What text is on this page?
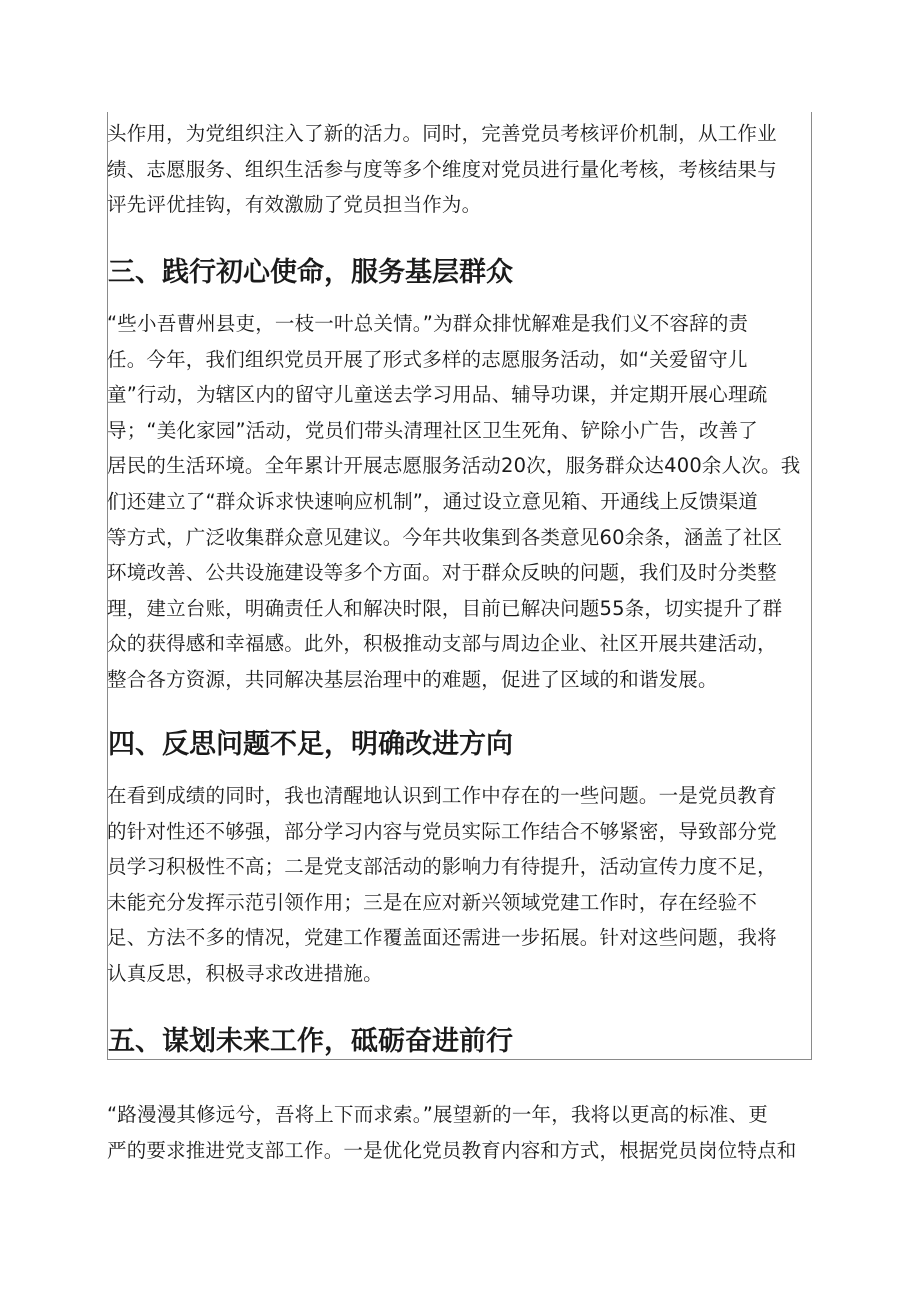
头作用，为党组织注入了新的活力。同时，完善党员考核评价机制，从工作业
绩、志愿服务、组织生活参与度等多个维度对党员进行量化考核，考核结果与
评先评优挂钩，有效激励了党员担当作为。

三、践行初心使命，服务基层群众

“些小吾曹州县吏，一枝一叶总关情。”为群众排忧解难是我们义不容辞的责
任。今年，我们组织党员开展了形式多样的志愿服务活动，如“关爱留守儿
童”行动，为辖区内的留守儿童送去学习用品、辅导功课，并定期开展心理疏
导；“美化家园”活动，党员们带头清理社区卫生死角、铲除小广告，改善了
居民的生活环境。全年累计开展志愿服务活动20次，服务群众达400余人次。我
们还建立了“群众诉求快速响应机制”，通过设立意见箱、开通线上反馈渠道
等方式，广泛收集群众意见建议。今年共收集到各类意见60余条，涵盖了社区
环境改善、公共设施建设等多个方面。对于群众反映的问题，我们及时分类整
理，建立台账，明确责任人和解决时限，目前已解决问题55条，切实提升了群
众的获得感和幸福感。此外，积极推动支部与周边企业、社区开展共建活动，
整合各方资源，共同解决基层治理中的难题，促进了区域的和谐发展。

四、反思问题不足，明确改进方向

在看到成绩的同时，我也清醒地认识到工作中存在的一些问题。一是党员教育
的针对性还不够强，部分学习内容与党员实际工作结合不够紧密，导致部分党
员学习积极性不高；二是党支部活动的影响力有待提升，活动宣传力度不足，
未能充分发挥示范引领作用；三是在应对新兴领域党建工作时，存在经验不
足、方法不多的情况，党建工作覆盖面还需进一步拓展。针对这些问题，我将
认真反思，积极寻求改进措施。

五、谋划未来工作，砥砺奋进前行

“路漫漫其修远兮，吾将上下而求索。”展望新的一年，我将以更高的标准、更
严的要求推进党支部工作。一是优化党员教育内容和方式，根据党员岗位特点和
